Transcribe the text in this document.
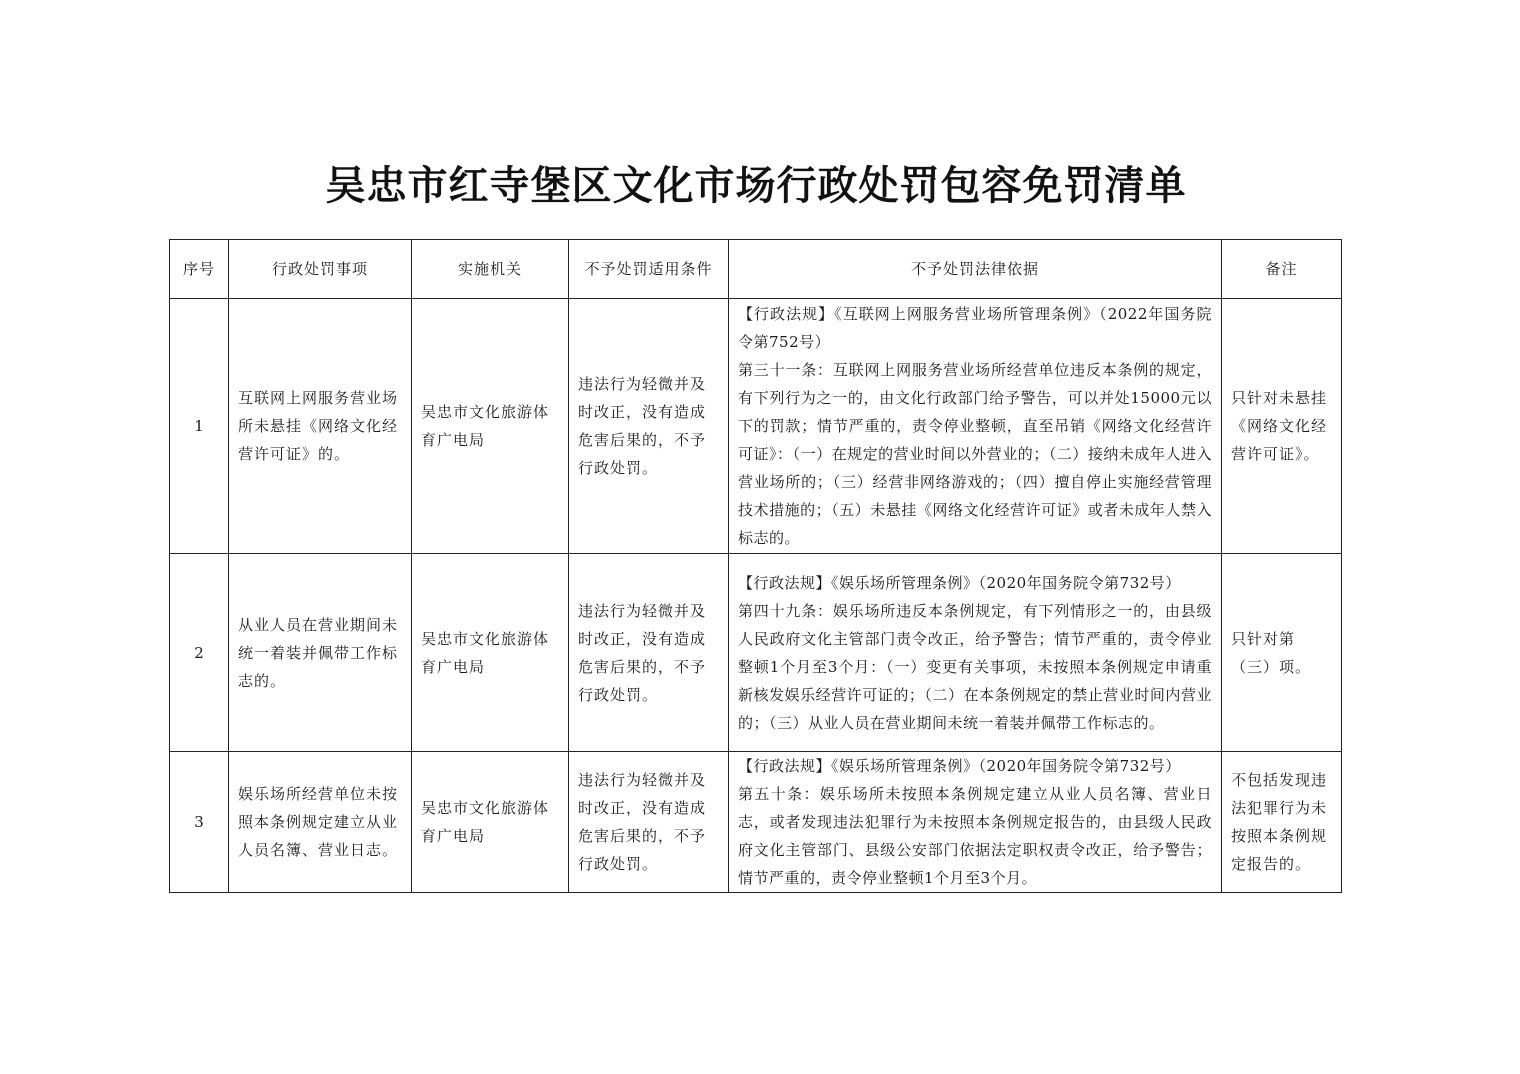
吴忠市红寺堡区文化市场行政处罚包容免罚清单
序号	行政处罚事项	实施机关	不予处罚适用条件	不予处罚法律依据	备注
1	互联网上网服务营业场所未悬挂《网络文化经营许可证》的。	吴忠市文化旅游体育广电局	违法行为轻微并及时改正，没有造成危害后果的，不予行政处罚。	【行政法规】《互联网上网服务营业场所管理条例》（2022年国务院令第752号）
第三十一条：互联网上网服务营业场所经营单位违反本条例的规定，有下列行为之一的，由文化行政部门给予警告，可以并处15000元以下的罚款；情节严重的，责令停业整顿，直至吊销《网络文化经营许可证》：（一）在规定的营业时间以外营业的；（二）接纳未成年人进入营业场所的；（三）经营非网络游戏的；（四）擅自停止实施经营管理技术措施的；（五）未悬挂《网络文化经营许可证》或者未成年人禁入标志的。	只针对未悬挂《网络文化经营许可证》。
2	从业人员在营业期间未统一着装并佩带工作标志的。	吴忠市文化旅游体育广电局	违法行为轻微并及时改正，没有造成危害后果的，不予行政处罚。	【行政法规】《娱乐场所管理条例》（2020年国务院令第732号）
第四十九条：娱乐场所违反本条例规定，有下列情形之一的，由县级人民政府文化主管部门责令改正，给予警告；情节严重的，责令停业整顿1个月至3个月：（一）变更有关事项，未按照本条例规定申请重新核发娱乐经营许可证的；（二）在本条例规定的禁止营业时间内营业的；（三）从业人员在营业期间未统一着装并佩带工作标志的。	只针对第（三）项。
3	娱乐场所经营单位未按照本条例规定建立从业人员名簿、营业日志。	吴忠市文化旅游体育广电局	违法行为轻微并及时改正，没有造成危害后果的，不予行政处罚。	【行政法规】《娱乐场所管理条例》（2020年国务院令第732号）
第五十条：娱乐场所未按照本条例规定建立从业人员名簿、营业日志，或者发现违法犯罪行为未按照本条例规定报告的，由县级人民政府文化主管部门、县级公安部门依据法定职权责令改正，给予警告；情节严重的，责令停业整顿1个月至3个月。	不包括发现违法犯罪行为未按照本条例规定报告的。
